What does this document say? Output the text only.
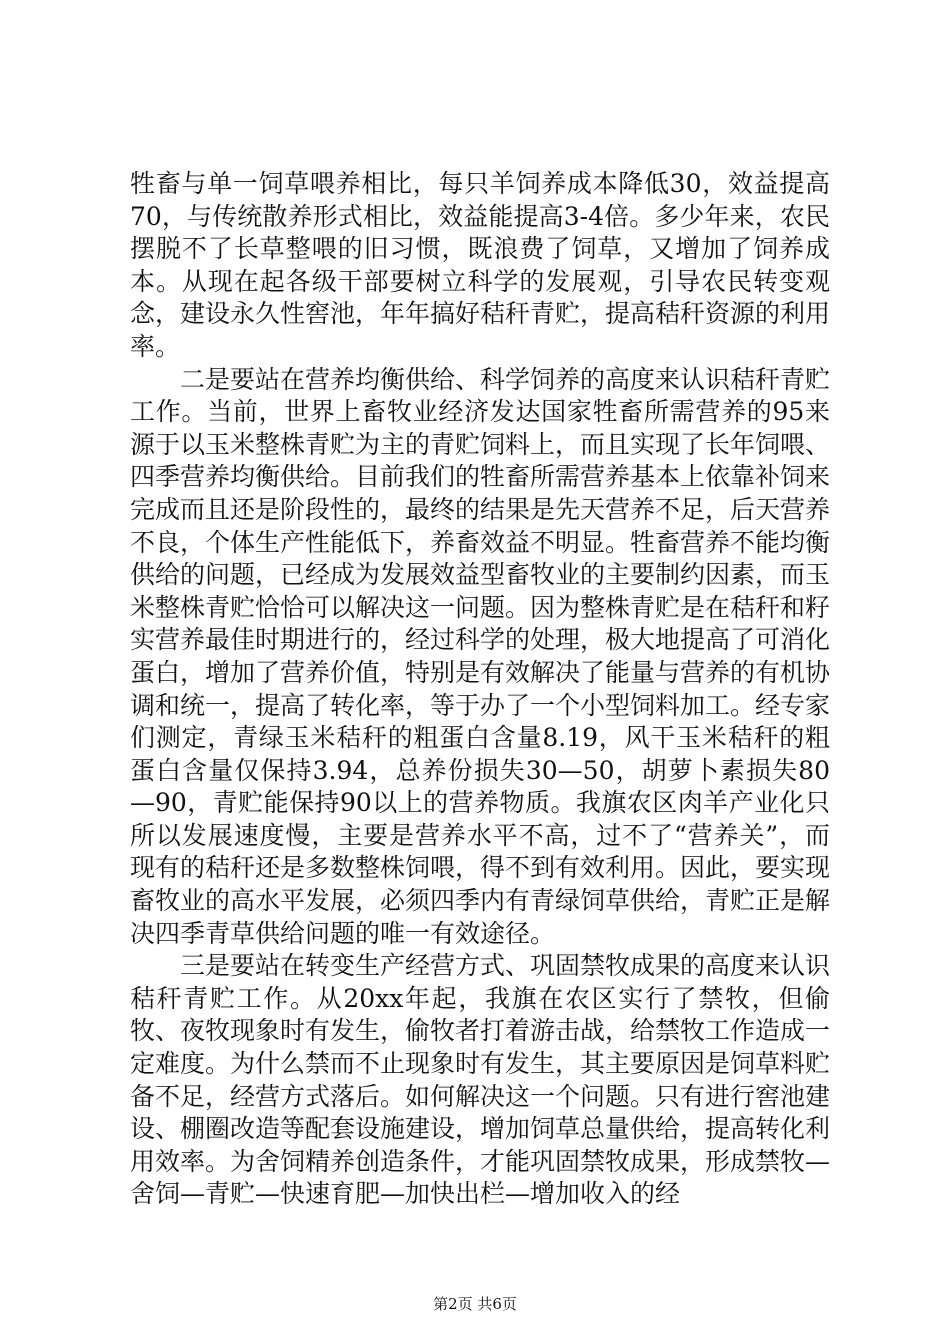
牲畜与单一饲草喂养相比，每只羊饲养成本降低30，效益提高70，与传统散养形式相比，效益能提高3-4倍。多少年来，农民摆脱不了长草整喂的旧习惯，既浪费了饲草，又增加了饲养成本。从现在起各级干部要树立科学的发展观，引导农民转变观念，建设永久性窖池，年年搞好秸秆青贮，提高秸秆资源的利用率。

二是要站在营养均衡供给、科学饲养的高度来认识秸秆青贮工作。当前，世界上畜牧业经济发达国家牲畜所需营养的95来源于以玉米整株青贮为主的青贮饲料上，而且实现了长年饲喂、四季营养均衡供给。目前我们的牲畜所需营养基本上依靠补饲来完成而且还是阶段性的，最终的结果是先天营养不足，后天营养不良，个体生产性能低下，养畜效益不明显。牲畜营养不能均衡供给的问题，已经成为发展效益型畜牧业的主要制约因素，而玉米整株青贮恰恰可以解决这一问题。因为整株青贮是在秸秆和籽实营养最佳时期进行的，经过科学的处理，极大地提高了可消化蛋白，增加了营养价值，特别是有效解决了能量与营养的有机协调和统一，提高了转化率，等于办了一个小型饲料加工。经专家们测定，青绿玉米秸秆的粗蛋白含量8.19，风干玉米秸秆的粗蛋白含量仅保持3.94，总养份损失30—50，胡萝卜素损失80—90，青贮能保持90以上的营养物质。我旗农区肉羊产业化只所以发展速度慢，主要是营养水平不高，过不了“营养关”，而现有的秸秆还是多数整株饲喂，得不到有效利用。因此，要实现畜牧业的高水平发展，必须四季内有青绿饲草供给，青贮正是解决四季青草供给问题的唯一有效途径。

三是要站在转变生产经营方式、巩固禁牧成果的高度来认识秸秆青贮工作。从20xx年起，我旗在农区实行了禁牧，但偷牧、夜牧现象时有发生，偷牧者打着游击战，给禁牧工作造成一定难度。为什么禁而不止现象时有发生，其主要原因是饲草料贮备不足，经营方式落后。如何解决这一个问题。只有进行窖池建设、棚圈改造等配套设施建设，增加饲草总量供给，提高转化利用效率。为舍饲精养创造条件，才能巩固禁牧成果，形成禁牧—舍饲—青贮—快速育肥—加快出栏—增加收入的经

第2页 共6页
